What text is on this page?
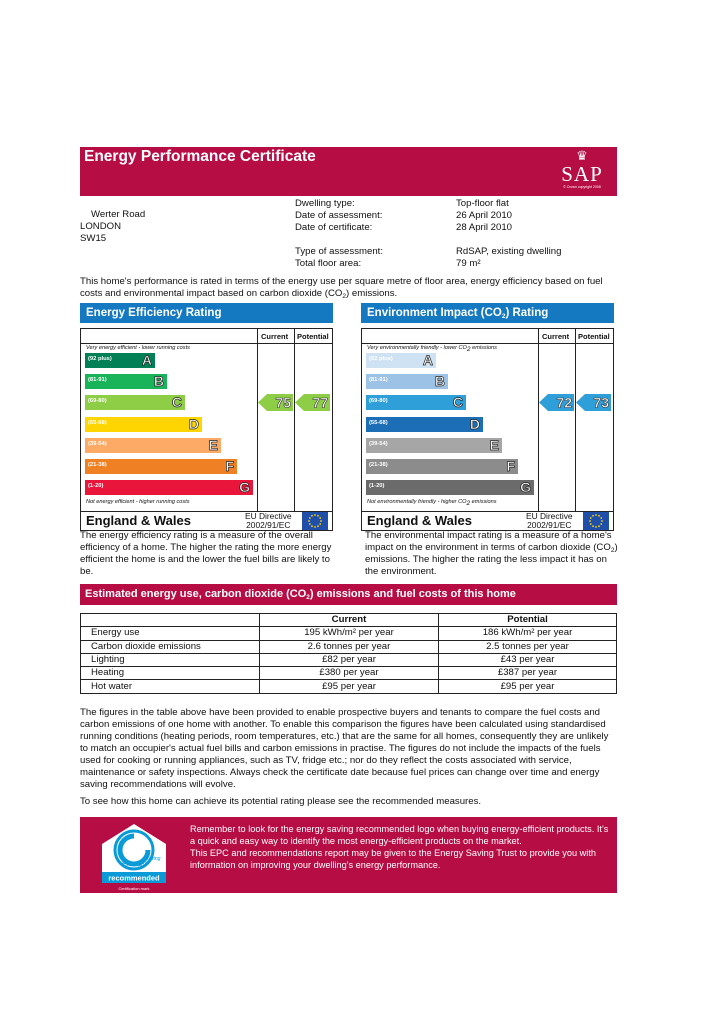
Energy Performance Certificate	♛
SAP
© Crown copyright 2008
Werter Road
LONDON
SW15
Dwelling type:	Top-floor flat
Date of assessment:	26 April 2010
Date of certificate:	28 April 2010
Type of assessment:	RdSAP, existing dwelling
Total floor area:	79 m²
This home's performance is rated in terms of the energy use per square metre of floor area, energy efficiency based on fuel costs and environmental impact based on carbon dioxide $(CO_2)$ emissions.
Energy Efficiency Rating
Current Potential
Very energy efficient - lower running costs
(92 plus) A
(81-91)	B
(69-80)	C
(55-68)	D
(39-54)	E
(21-38)	F
(1-20)	G
75 77
Not energy efficient - higher running costs
England & Wales	EU Directive
2002/91/EC
Environment Impact $(CO_2)$ Rating
Current Potential
Very environmentally friendly - lower $CO_2$ emissions
(92 plus) A
(81-91)	B
(69-80)	C
(55-68)	D
(39-54)	E
(21-38)	F
(1-20)	G
72 73
Not environmentally friendly - higher $CO_2$ emissions
England & Wales	EU Directive
2002/91/EC
The energy efficiency rating is a measure of the overall efficiency of a home. The higher the rating the more energy efficient the home is and the lower the fuel bills are likely to be.
The environmental impact rating is a measure of a home's impact on the environment in terms of carbon dioxide $(CO_2)$ emissions. The higher the rating the less impact it has on the environment.
Estimated energy use, carbon dioxide $(CO_2)$ emissions and fuel costs of this home
	Current	Potential
Energy use	195 kWh/m² per year	186 kWh/m² per year
Carbon dioxide emissions	2.6 tonnes per year	2.5 tonnes per year
Lighting	£82 per year	£43 per year
Heating	£380 per year	£387 per year
Hot water	£95 per year	£95 per year
The figures in the table above have been provided to enable prospective buyers and tenants to compare the fuel costs and carbon emissions of one home with another. To enable this comparison the figures have been calculated using standardised running conditions (heating periods, room temperatures, etc.) that are the same for all homes, consequently they are unlikely to match an occupier's actual fuel bills and carbon emissions in practise. The figures do not include the impacts of the fuels used for cooking or running appliances, such as TV, fridge etc.; nor do they reflect the costs associated with service, maintenance or safety inspections. Always check the certificate date because fuel prices can change over time and energy saving recommendations will evolve.
To see how this home can achieve its potential rating please see the recommended measures.
energy saving
recommended
Certification mark
Remember to look for the energy saving recommended logo when buying energy-efficient products. It's a quick and easy way to identify the most energy-efficient products on the market.
This EPC and recommendations report may be given to the Energy Saving Trust to provide you with information on improving your dwelling's energy performance.
